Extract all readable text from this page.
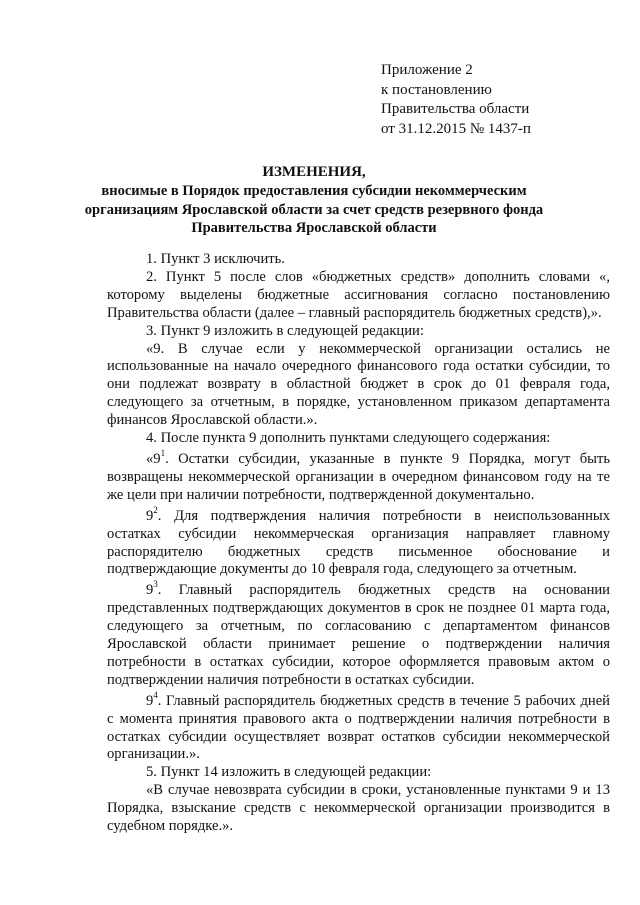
Приложение 2
к постановлению
Правительства области
от 31.12.2015 № 1437-п
ИЗМЕНЕНИЯ,
вносимые в Порядок предоставления субсидии некоммерческим
организациям Ярославской области за счет средств резервного фонда
Правительства Ярославской области

1. Пункт 3 исключить.

2. Пункт 5 после слов «бюджетных средств» дополнить словами «, которому выделены бюджетные ассигнования согласно постановлению Правительства области (далее – главный распорядитель бюджетных средств),».

3. Пункт 9 изложить в следующей редакции:

«9. В случае если у некоммерческой организации остались не использованные на начало очередного финансового года остатки субсидии, то они подлежат возврату в областной бюджет в срок до 01 февраля года, следующего за отчетным, в порядке, установленном приказом департамента финансов Ярославской области.».

4. После пункта 9 дополнить пунктами следующего содержания:

«$9^1$. Остатки субсидии, указанные в пункте 9 Порядка, могут быть возвращены некоммерческой организации в очередном финансовом году на те же цели при наличии потребности, подтвержденной документально.

$9^2$. Для подтверждения наличия потребности в неиспользованных остатках субсидии некоммерческая организация направляет главному распорядителю бюджетных средств письменное обоснование и подтверждающие документы до 10 февраля года, следующего за отчетным.

$9^3$. Главный распорядитель бюджетных средств на основании представленных подтверждающих документов в срок не позднее 01 марта года, следующего за отчетным, по согласованию с департаментом финансов Ярославской области принимает решение о подтверждении наличия потребности в остатках субсидии, которое оформляется правовым актом о подтверждении наличия потребности в остатках субсидии.

$9^4$. Главный распорядитель бюджетных средств в течение 5 рабочих дней с момента принятия правового акта о подтверждении наличия потребности в остатках субсидии осуществляет возврат остатков субсидии некоммерческой организации.».

5. Пункт 14 изложить в следующей редакции:

«В случае невозврата субсидии в сроки, установленные пунктами 9 и 13 Порядка, взыскание средств с некоммерческой организации производится в судебном порядке.».
